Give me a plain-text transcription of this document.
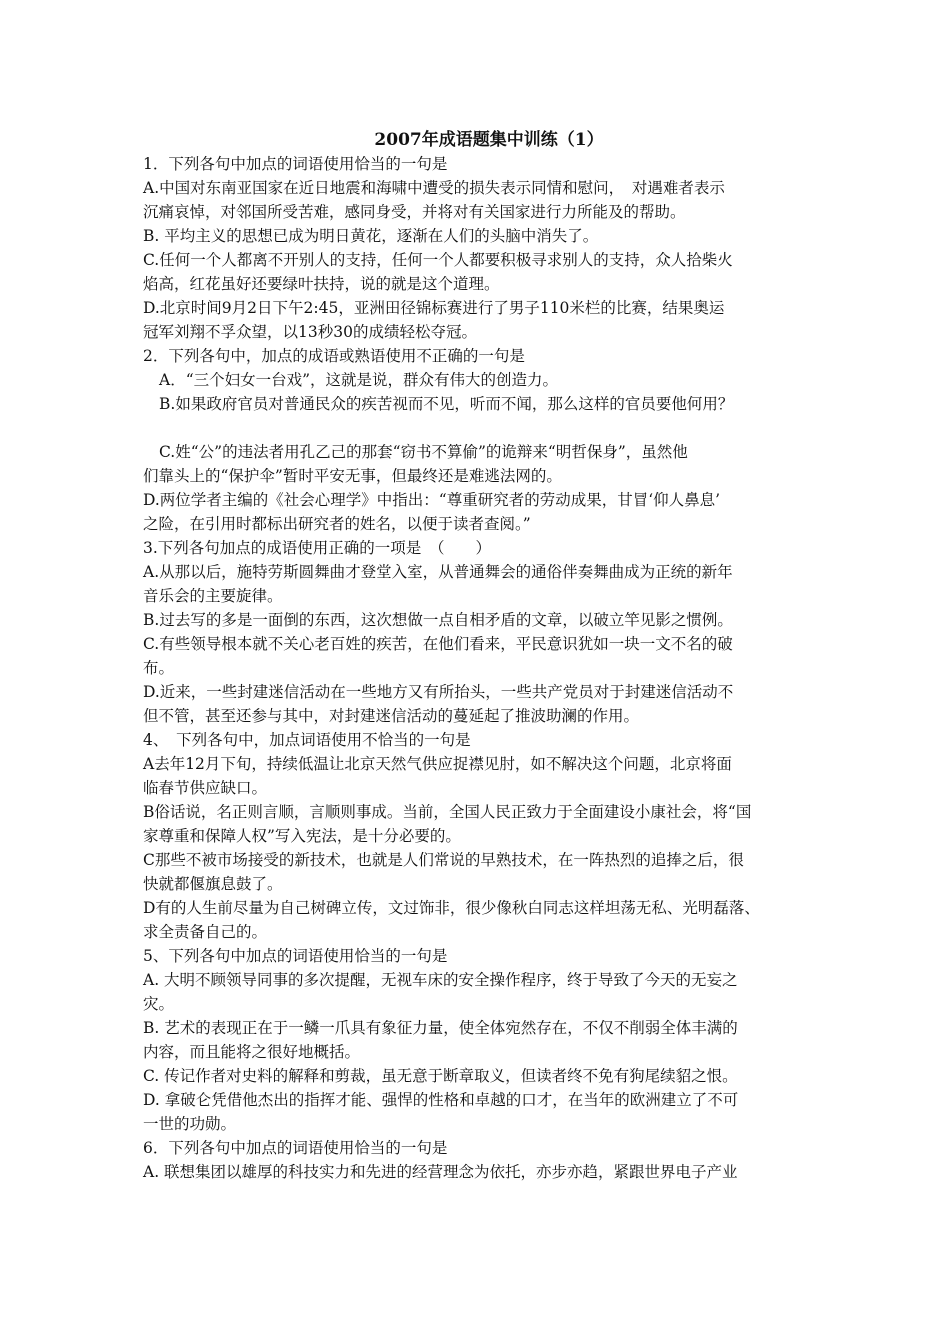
2007年成语题集中训练（1）
1．下列各句中加点的词语使用恰当的一句是
A.中国对东南亚国家在近日地震和海啸中遭受的损失表示同情和慰问，　对遇难者表示
沉痛哀悼，对邻国所受苦难，感同身受，并将对有关国家进行力所能及的帮助。
B. 平均主义的思想已成为明日黄花，逐渐在人们的头脑中消失了。
C.任何一个人都离不开别人的支持，任何一个人都要积极寻求别人的支持，众人拾柴火
焰高，红花虽好还要绿叶扶持，说的就是这个道理。
D.北京时间9月2日下午2:45，亚洲田径锦标赛进行了男子110米栏的比赛，结果奥运
冠军刘翔不孚众望，以13秒30的成绩轻松夺冠。
2．下列各句中，加点的成语或熟语使用不正确的一句是
A．“三个妇女一台戏”，这就是说，群众有伟大的创造力。
B.如果政府官员对普通民众的疾苦视而不见，听而不闻，那么这样的官员要他何用？
C.姓“公”的违法者用孔乙己的那套“窃书不算偷”的诡辩来“明哲保身”，虽然他
们靠头上的“保护伞”暂时平安无事，但最终还是难逃法网的。
D.两位学者主编的《社会心理学》中指出：“尊重研究者的劳动成果，甘冒‘仰人鼻息’
之险，在引用时都标出研究者的姓名，以便于读者查阅。”
3.下列各句加点的成语使用正确的一项是　（　　）
A.从那以后，施特劳斯圆舞曲才登堂入室，从普通舞会的通俗伴奏舞曲成为正统的新年
音乐会的主要旋律。
B.过去写的多是一面倒的东西，这次想做一点自相矛盾的文章，以破立竿见影之惯例。
C.有些领导根本就不关心老百姓的疾苦，在他们看来，平民意识犹如一块一文不名的破
布。
D.近来，一些封建迷信活动在一些地方又有所抬头，一些共产党员对于封建迷信活动不
但不管，甚至还参与其中，对封建迷信活动的蔓延起了推波助澜的作用。
4、　下列各句中，加点词语使用不恰当的一句是
A去年12月下旬，持续低温让北京天然气供应捉襟见肘，如不解决这个问题，北京将面
临春节供应缺口。
B俗话说，名正则言顺，言顺则事成。当前，全国人民正致力于全面建设小康社会，将“国
家尊重和保障人权”写入宪法，是十分必要的。
C那些不被市场接受的新技术，也就是人们常说的早熟技术，在一阵热烈的追捧之后，很
快就都偃旗息鼓了。
D有的人生前尽量为自己树碑立传，文过饰非，很少像秋白同志这样坦荡无私、光明磊落、
求全责备自己的。
5、下列各句中加点的词语使用恰当的一句是
A. 大明不顾领导同事的多次提醒，无视车床的安全操作程序，终于导致了今天的无妄之
灾。
B. 艺术的表现正在于一鳞一爪具有象征力量，使全体宛然存在，不仅不削弱全体丰满的
内容，而且能将之很好地概括。
C. 传记作者对史料的解释和剪裁，虽无意于断章取义，但读者终不免有狗尾续貂之恨。
D. 拿破仑凭借他杰出的指挥才能、强悍的性格和卓越的口才，在当年的欧洲建立了不可
一世的功勋。
6．下列各句中加点的词语使用恰当的一句是
A. 联想集团以雄厚的科技实力和先进的经营理念为依托，亦步亦趋，紧跟世界电子产业
